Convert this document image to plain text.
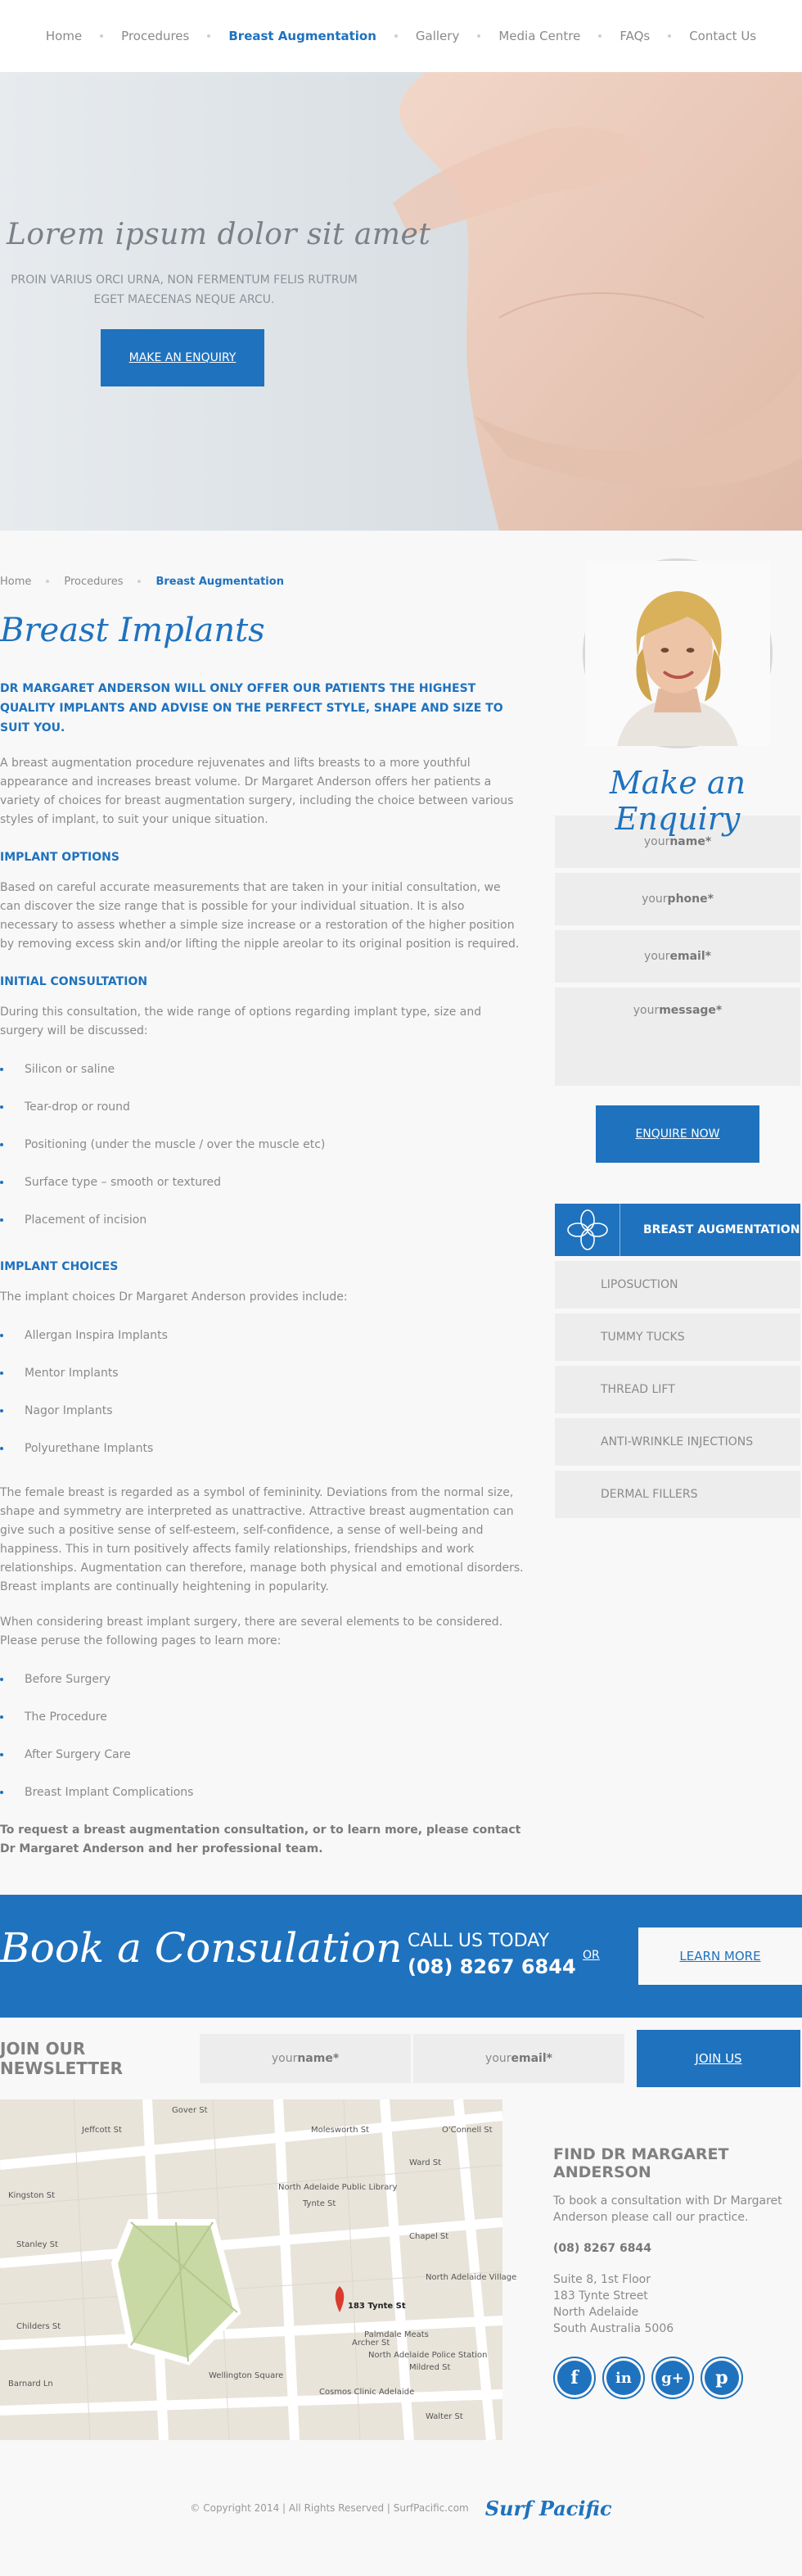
Home	Procedures	Breast Augmentation	Gallery	Media Centre	FAQs	Contact Us
Lorem ipsum dolor sit amet

PROIN VARIUS ORCI URNA, NON FERMENTUM FELIS RUTRUM EGET MAECENAS NEQUE ARCU.

MAKE AN ENQUIRY
Home	Procedures	Breast Augmentation
Breast Implants
DR MARGARET ANDERSON WILL ONLY OFFER OUR PATIENTS THE HIGHEST QUALITY IMPLANTS AND ADVISE ON THE PERFECT STYLE, SHAPE AND SIZE TO SUIT YOU.

A breast augmentation procedure rejuvenates and lifts breasts to a more youthful appearance and increases breast volume. Dr Margaret Anderson offers her patients a variety of choices for breast augmentation surgery, including the choice between various styles of implant, to suit your unique situation.

IMPLANT OPTIONS

Based on careful accurate measurements that are taken in your initial consultation, we can discover the size range that is possible for your individual situation. It is also necessary to assess whether a simple size increase or a restoration of the higher position by removing excess skin and/or lifting the nipple areolar to its original position is required.

INITIAL CONSULTATION

During this consultation, the wide range of options regarding implant type, size and surgery will be discussed:

Silicon or saline
Tear-drop or round
Positioning (under the muscle / over the muscle etc)
Surface type – smooth or textured
Placement of incision
IMPLANT CHOICES

The implant choices Dr Margaret Anderson provides include:

Allergan Inspira Implants
Mentor Implants
Nagor Implants
Polyurethane Implants

The female breast is regarded as a symbol of femininity. Deviations from the normal size, shape and symmetry are interpreted as unattractive. Attractive breast augmentation can give such a positive sense of self-esteem, self-confidence, a sense of well-being and happiness. This in turn positively affects family relationships, friendships and work relationships. Augmentation can therefore, manage both physical and emotional disorders. Breast implants are continually heightening in popularity.

When considering breast implant surgery, there are several elements to be considered. Please peruse the following pages to learn more:

Before Surgery
The Procedure
After Surgery Care
Breast Implant Complications

To request a breast augmentation consultation, or to learn more, please contact Dr Margaret Anderson and her professional team.

Make an Enquiry
your name*
your phone*
your email*
your message*
ENQUIRE NOW
BREAST AUGMENTATION
LIPOSUCTION
TUMMY TUCKS
THREAD LIFT
ANTI-WRINKLE INJECTIONS
DERMAL FILLERS
Book a Consulation CALL US TODAY
(08) 8267 6844 OR	LEARN MORE
JOIN OUR NEWSLETTER	your name*	your email*	JOIN US
Gover St
Jeffcott St
Tynte St
O'Connell St
Chapel St
Wellington Square
Stanley St
Archer St
Walter St
Childers St
Ward St
Barnard Ln
Molesworth St
Mildred St
Kingston St
North Adelaide Public Library
183 Tynte St
Palmdale Meats
North Adelaide Police Station
Cosmos Clinic Adelaide
North Adelaide Village
FIND DR MARGARET ANDERSON

To book a consultation with Dr Margaret Anderson please call our practice.

(08) 8267 6844

Suite 8, 1st Floor
183 Tynte Street
North Adelaide
South Australia 5006

f	in	g+	p
© Copyright 2014 | All Rights Reserved | SurfPacific.com Surf Pacific
